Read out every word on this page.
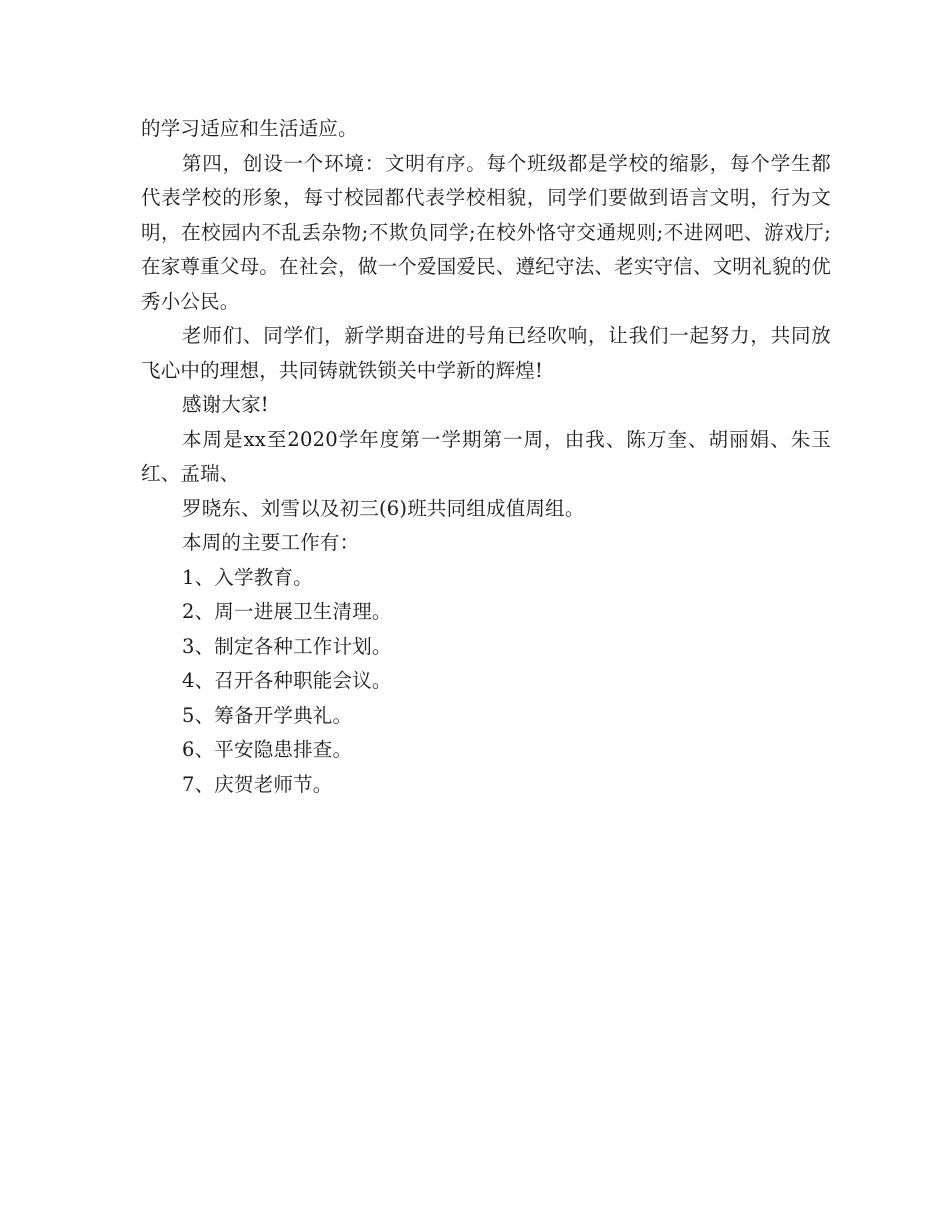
的学习适应和生活适应。

第四，创设一个环境：文明有序。每个班级都是学校的缩影，每个学生都代表学校的形象，每寸校园都代表学校相貌，同学们要做到语言文明，行为文明，在校园内不乱丢杂物;不欺负同学;在校外恪守交通规则;不进网吧、游戏厅;在家尊重父母。在社会，做一个爱国爱民、遵纪守法、老实守信、文明礼貌的优秀小公民。

老师们、同学们，新学期奋进的号角已经吹响，让我们一起努力，共同放飞心中的理想，共同铸就铁锁关中学新的辉煌!

感谢大家!

本周是xx至2020学年度第一学期第一周，由我、陈万奎、胡丽娟、朱玉红、孟瑞、

罗晓东、刘雪以及初三(6)班共同组成值周组。

本周的主要工作有：

1、入学教育。

2、周一进展卫生清理。

3、制定各种工作计划。

4、召开各种职能会议。

5、筹备开学典礼。

6、平安隐患排查。

7、庆贺老师节。
